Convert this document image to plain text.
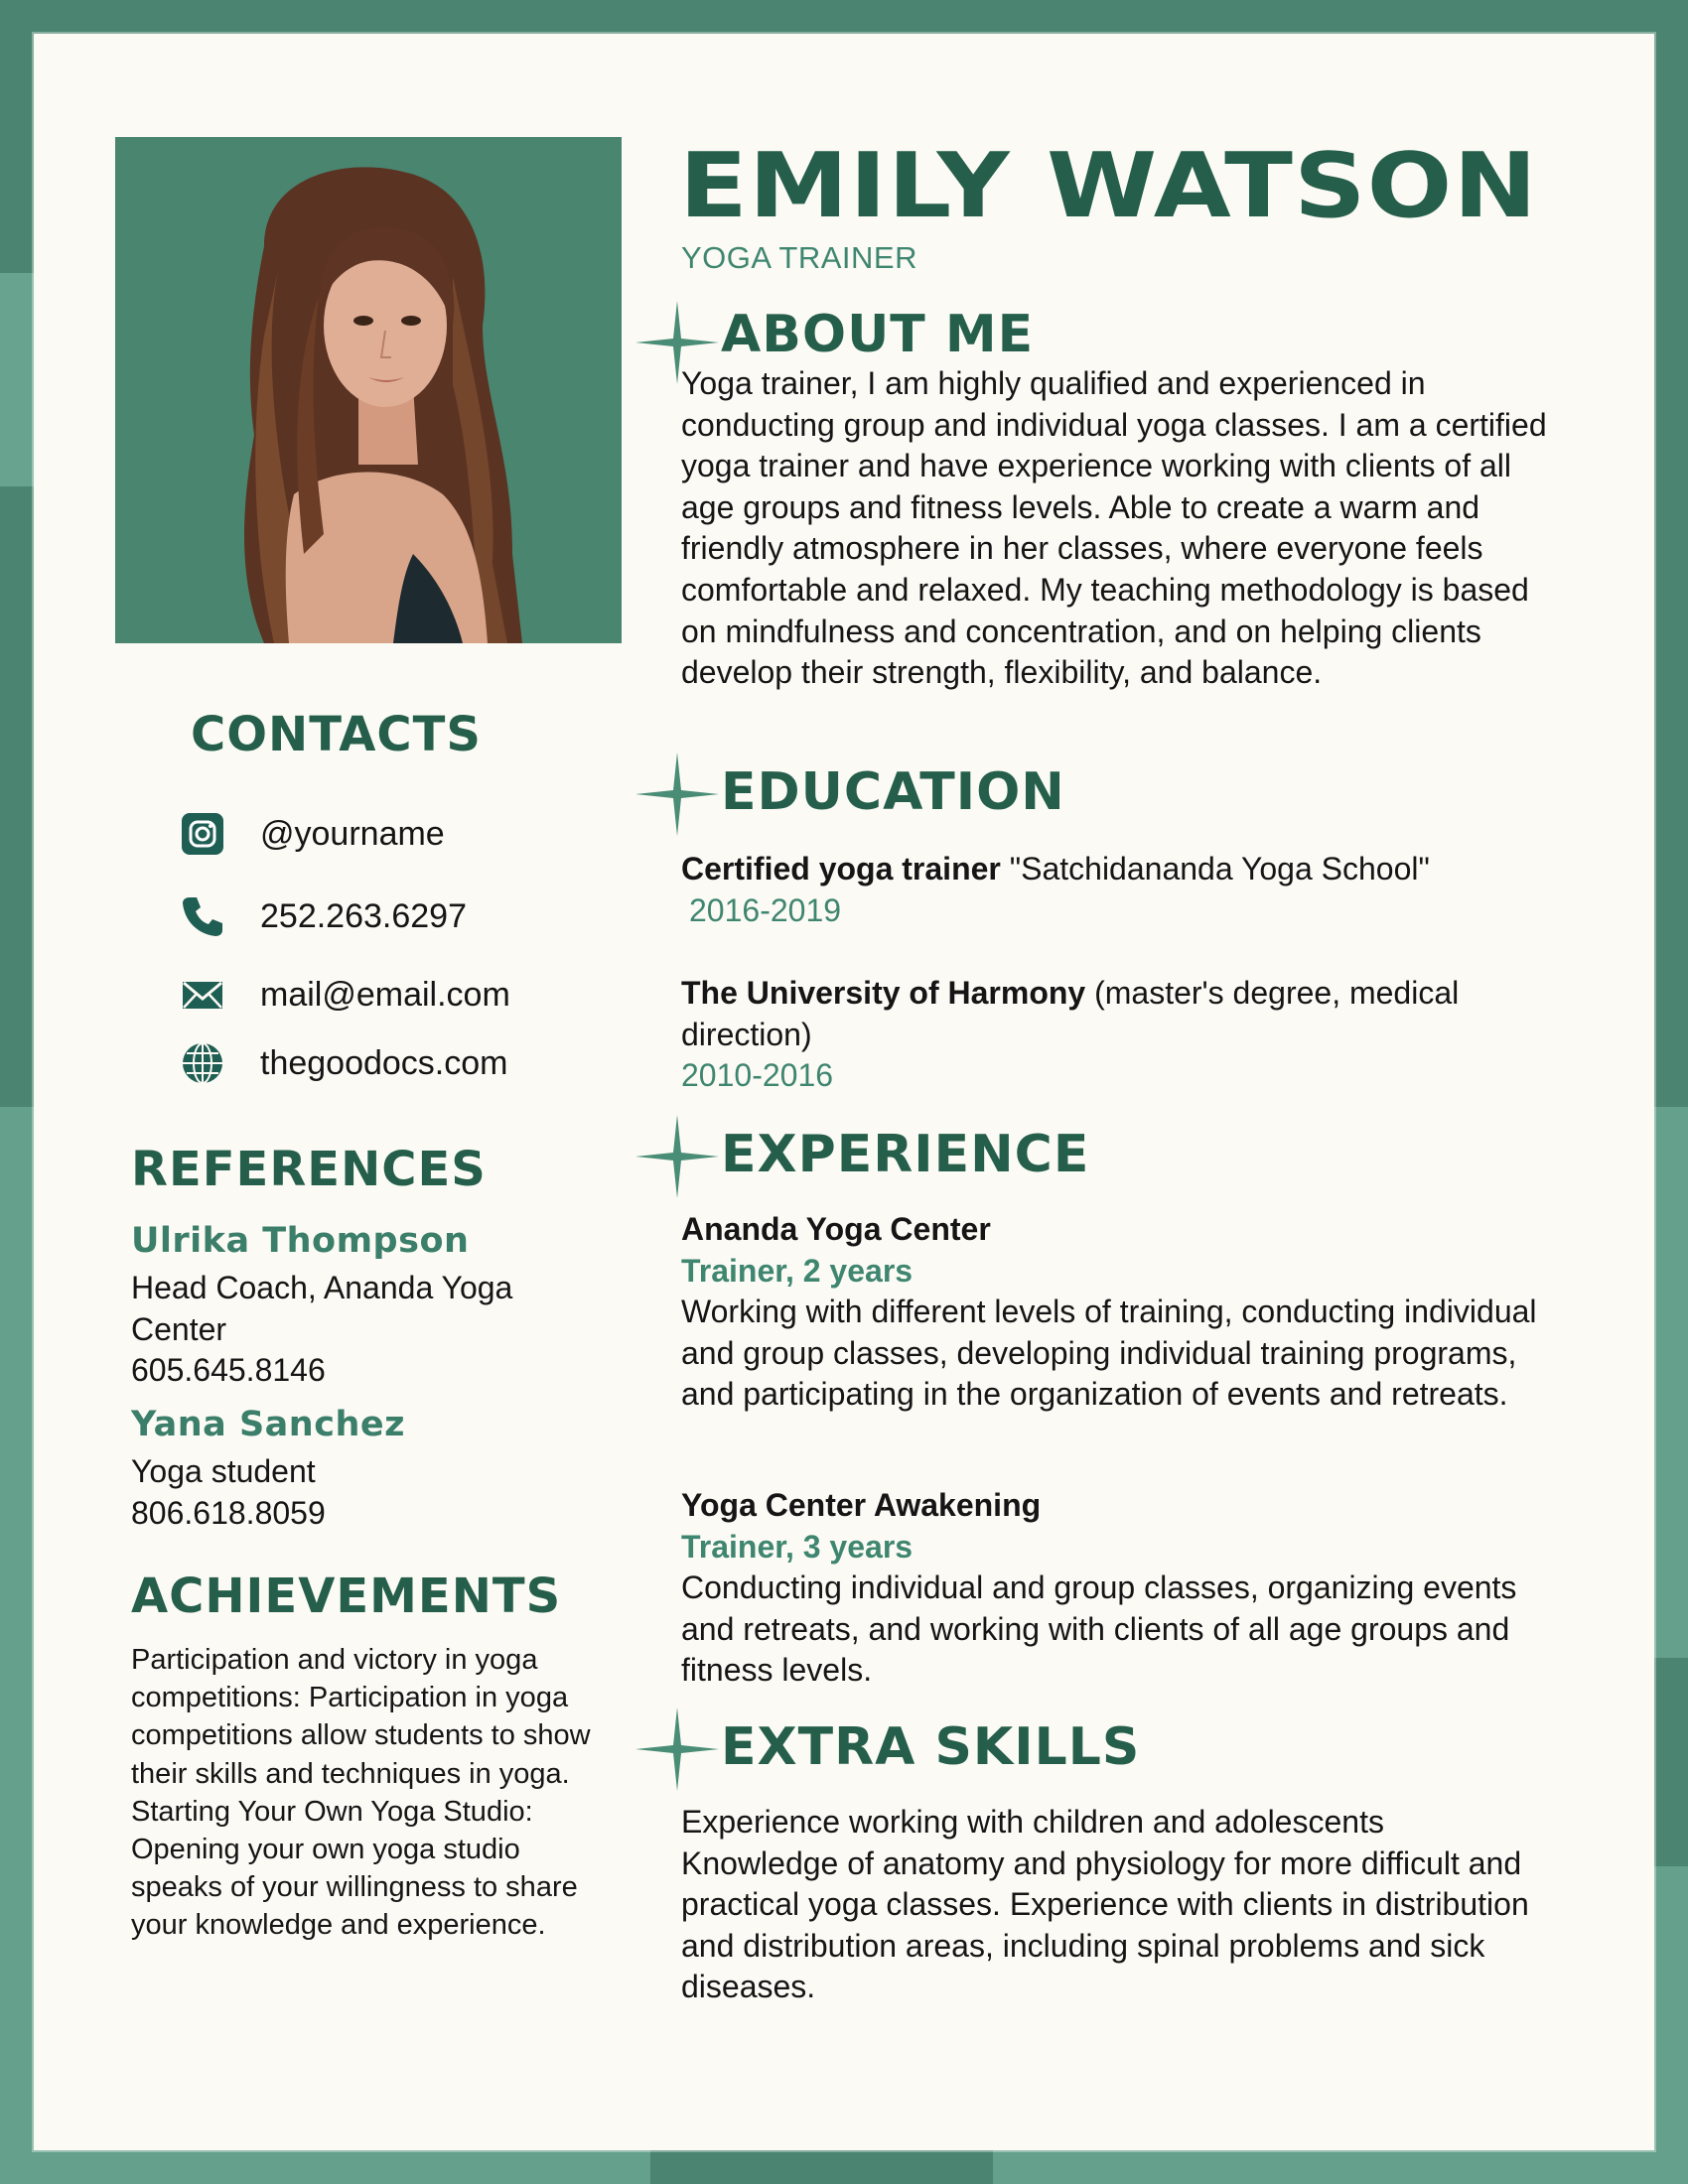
EMILY WATSON
YOGA TRAINER
ABOUT ME
Yoga trainer, I am highly qualified and experienced in conducting group and individual yoga classes. I am a certified yoga trainer and have experience working with clients of all age groups and fitness levels. Able to create a warm and friendly atmosphere in her classes, where everyone feels comfortable and relaxed. My teaching methodology is based on mindfulness and concentration, and on helping clients develop their strength, flexibility, and balance.
EDUCATION
Certified yoga trainer "Satchidananda Yoga School"
2016-2019
The University of Harmony (master's degree, medical direction)
2010-2016
EXPERIENCE
Ananda Yoga Center
Trainer, 2 years
Working with different levels of training, conducting individual and group classes, developing individual training programs, and participating in the organization of events and retreats.
Yoga Center Awakening
Trainer, 3 years
Conducting individual and group classes, organizing events and retreats, and working with clients of all age groups and fitness levels.
EXTRA SKILLS
Experience working with children and adolescents Knowledge of anatomy and physiology for more difficult and practical yoga classes. Experience with clients in distribution and distribution areas, including spinal problems and sick diseases.
CONTACTS
@yourname
252.263.6297
mail@email.com
thegoodocs.com
REFERENCES
Ulrika Thompson
Head Coach, Ananda Yoga Center
605.645.8146
Yana Sanchez
Yoga student
806.618.8059
ACHIEVEMENTS
Participation and victory in yoga competitions: Participation in yoga competitions allow students to show their skills and techniques in yoga.
Starting Your Own Yoga Studio: Opening your own yoga studio speaks of your willingness to share your knowledge and experience.
